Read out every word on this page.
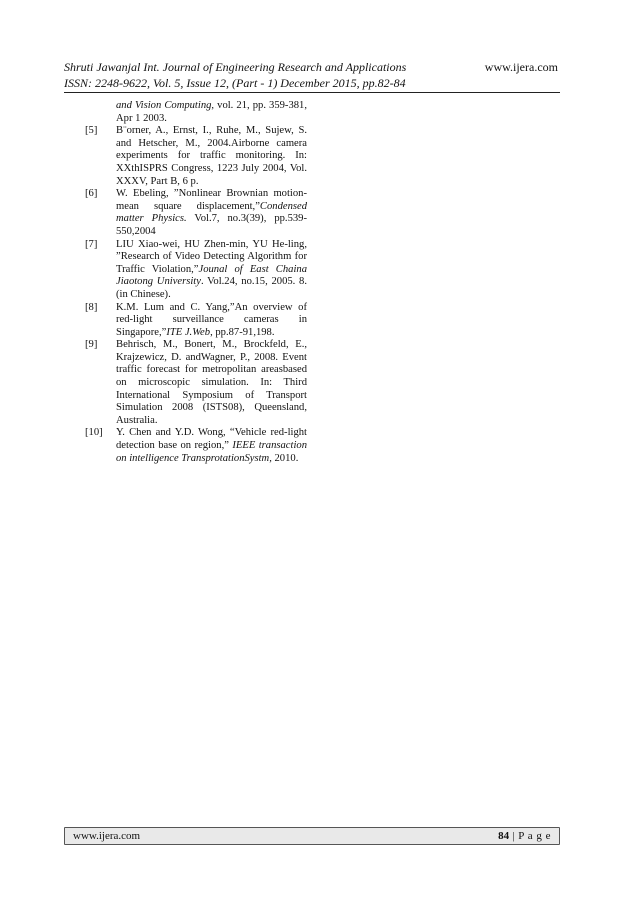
Shruti Jawanjal Int. Journal of Engineering Research and Applications	www.ijera.com
ISSN: 2248-9622, Vol. 5, Issue 12, (Part - 1) December 2015, pp.82-84
and Vision Computing, vol. 21, pp. 359-381, Apr 1 2003.
[5] B¨orner, A., Ernst, I., Ruhe, M., Sujew, S. and Hetscher, M., 2004.Airborne camera experiments for traffic monitoring. In: XXthISPRS Congress, 1223 July 2004, Vol. XXXV, Part B, 6 p.
[6] W. Ebeling, ”Nonlinear Brownian motion-mean square displacement,”Condensed matter Physics. Vol.7, no.3(39), pp.539-550,2004
[7] LIU Xiao-wei, HU Zhen-min, YU He-ling, ”Research of Video Detecting Algorithm for Traffic Violation,”Jounal of East Chaina Jiaotong University. Vol.24, no.15, 2005. 8.(in Chinese).
[8] K.M. Lum and C. Yang,”An overview of red-light surveillance cameras in Singapore,”ITE J.Web, pp.87-91,198.
[9] Behrisch, M., Bonert, M., Brockfeld, E., Krajzewicz, D. andWagner, P., 2008. Event traffic forecast for metropolitan areasbased on microscopic simulation. In: Third International Symposium of Transport Simulation 2008 (ISTS08), Queensland, Australia.
[10] Y. Chen and Y.D. Wong, “Vehicle red-light detection base on region,” IEEE transaction on intelligence TransprotationSystm, 2010.
www.ijera.com	84 | P a g e
